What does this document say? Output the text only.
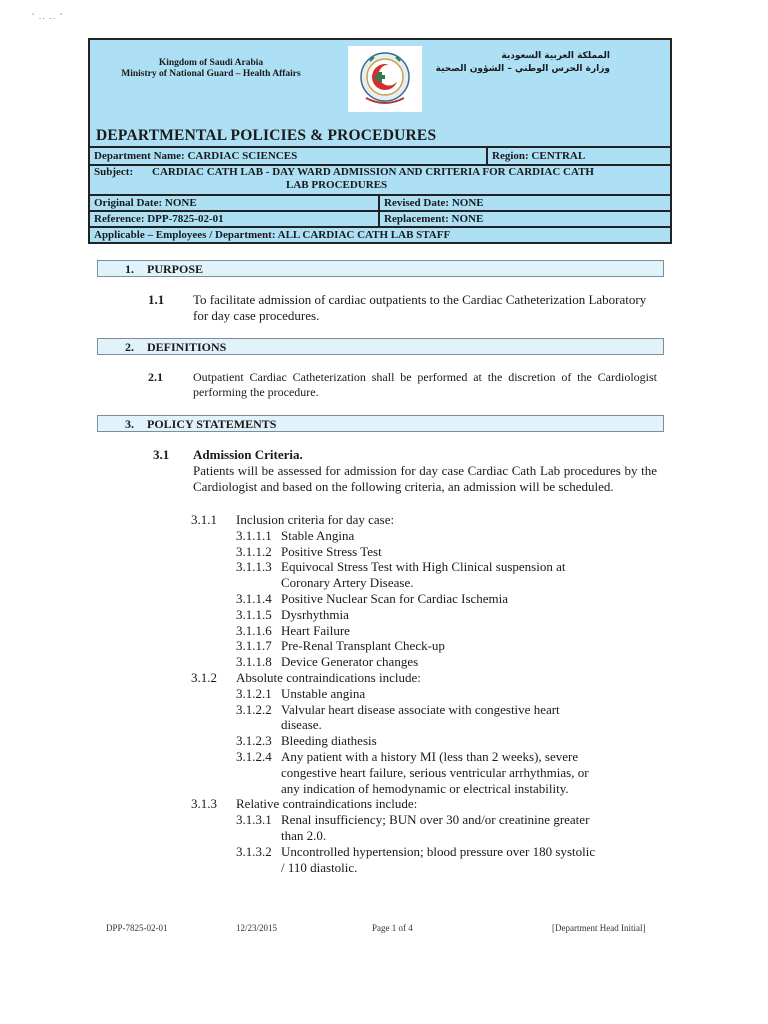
' .. .. '
Kingdom of Saudi Arabia
Ministry of National Guard – Health Affairs
المملكة العربية السعودية
وزارة الحرس الوطني – الشؤون الصحية
DEPARTMENTAL POLICIES & PROCEDURES
Department Name: CARDIAC SCIENCES	Region: CENTRAL
Subject: CARDIAC CATH LAB - DAY WARD ADMISSION AND CRITERIA FOR CARDIAC CATH
LAB PROCEDURES
Original Date: NONE	Revised Date: NONE
Reference: DPP-7825-02-01	Replacement: NONE
Applicable – Employees / Department: ALL CARDIAC CATH LAB STAFF
1. PURPOSE
1.1 To facilitate admission of cardiac outpatients to the Cardiac Catheterization Laboratory for day case procedures.
2. DEFINITIONS
2.1	Outpatient Cardiac Catheterization shall be performed at the discretion of the Cardiologist performing the procedure.
3. POLICY STATEMENTS
3.1 Admission Criteria.
Patients will be assessed for admission for day case Cardiac Cath Lab procedures by the Cardiologist and based on the following criteria, an admission will be scheduled.
3.1.1 Inclusion criteria for day case:
3.1.1.1 Stable Angina
3.1.1.2 Positive Stress Test
3.1.1.3 Equivocal Stress Test with High Clinical suspension at
Coronary Artery Disease.
3.1.1.4 Positive Nuclear Scan for Cardiac Ischemia
3.1.1.5 Dysrhythmia
3.1.1.6 Heart Failure
3.1.1.7 Pre-Renal Transplant Check-up
3.1.1.8 Device Generator changes
3.1.2 Absolute contraindications include:
3.1.2.1 Unstable angina
3.1.2.2 Valvular heart disease associate with congestive heart
disease.
3.1.2.3 Bleeding diathesis
3.1.2.4 Any patient with a history MI (less than 2 weeks), severe
congestive heart failure, serious ventricular arrhythmias, or
any indication of hemodynamic or electrical instability.
3.1.3 Relative contraindications include:
3.1.3.1 Renal insufficiency; BUN over 30 and/or creatinine greater
than 2.0.
3.1.3.2 Uncontrolled hypertension; blood pressure over 180 systolic
/ 110 diastolic.
DPP-7825-02-01	12/23/2015	Page 1 of 4	[Department Head Initial]
